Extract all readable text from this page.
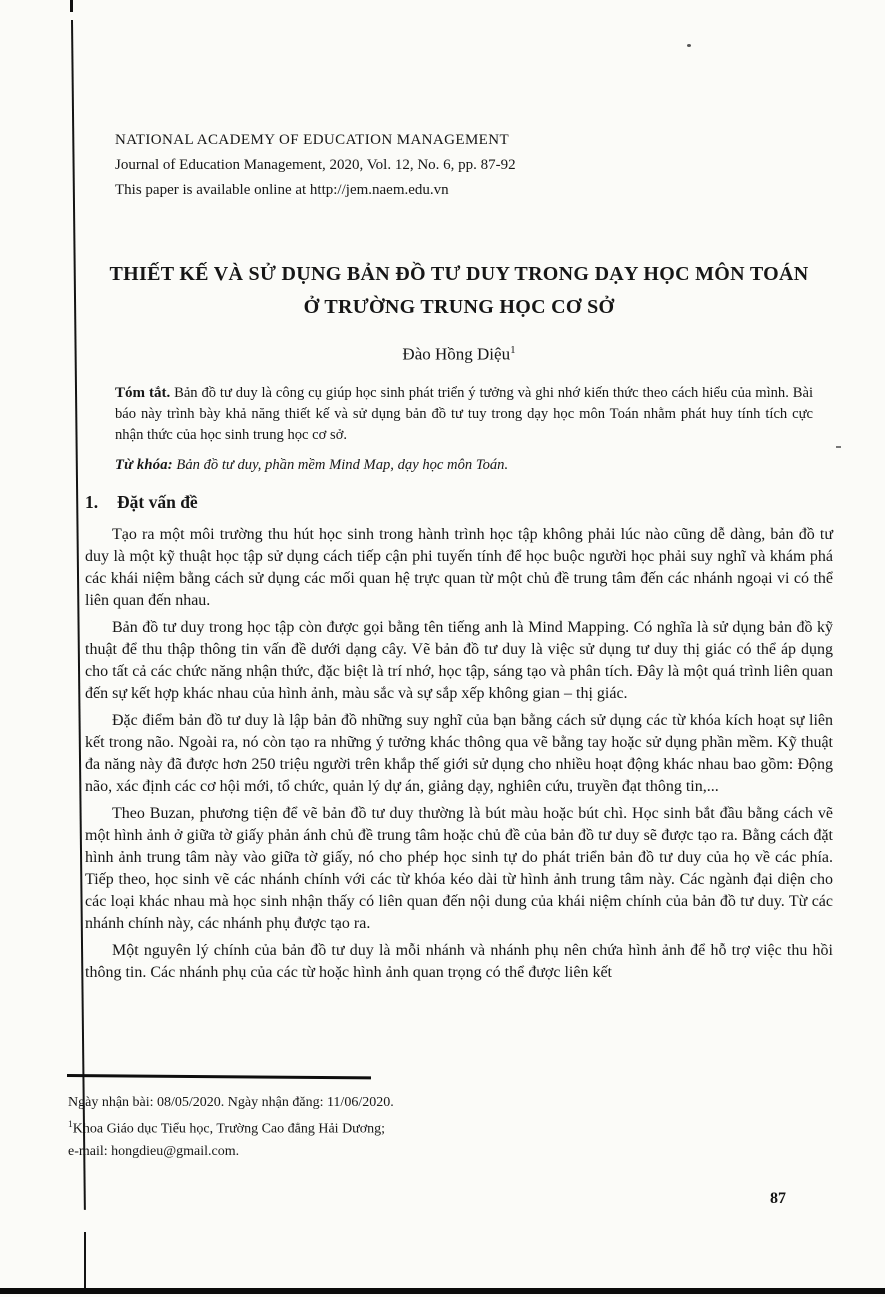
NATIONAL ACADEMY OF EDUCATION MANAGEMENT
Journal of Education Management, 2020, Vol. 12, No. 6, pp. 87-92
This paper is available online at http://jem.naem.edu.vn
THIẾT KẾ VÀ SỬ DỤNG BẢN ĐỒ TƯ DUY TRONG DẠY HỌC MÔN TOÁN
Ở TRƯỜNG TRUNG HỌC CƠ SỞ
Đào Hồng Diệu$^1$

Tóm tắt. Bản đồ tư duy là công cụ giúp học sinh phát triển ý tưởng và ghi nhớ kiến thức theo cách hiểu của mình. Bài báo này trình bày khả năng thiết kế và sử dụng bản đồ tư tuy trong dạy học môn Toán nhằm phát huy tính tích cực nhận thức của học sinh trung học cơ sở.

Từ khóa: Bản đồ tư duy, phần mềm Mind Map, dạy học môn Toán.

1. Đặt vấn đề

Tạo ra một môi trường thu hút học sinh trong hành trình học tập không phải lúc nào cũng dễ dàng, bản đồ tư duy là một kỹ thuật học tập sử dụng cách tiếp cận phi tuyến tính để học buộc người học phải suy nghĩ và khám phá các khái niệm bằng cách sử dụng các mối quan hệ trực quan từ một chủ đề trung tâm đến các nhánh ngoại vi có thể liên quan đến nhau.

Bản đồ tư duy trong học tập còn được gọi bằng tên tiếng anh là Mind Mapping. Có nghĩa là sử dụng bản đồ kỹ thuật để thu thập thông tin vấn đề dưới dạng cây. Vẽ bản đồ tư duy là việc sử dụng tư duy thị giác có thể áp dụng cho tất cả các chức năng nhận thức, đặc biệt là trí nhớ, học tập, sáng tạo và phân tích. Đây là một quá trình liên quan đến sự kết hợp khác nhau của hình ảnh, màu sắc và sự sắp xếp không gian – thị giác.

Đặc điểm bản đồ tư duy là lập bản đồ những suy nghĩ của bạn bằng cách sử dụng các từ khóa kích hoạt sự liên kết trong não. Ngoài ra, nó còn tạo ra những ý tưởng khác thông qua vẽ bằng tay hoặc sử dụng phần mềm. Kỹ thuật đa năng này đã được hơn 250 triệu người trên khắp thế giới sử dụng cho nhiều hoạt động khác nhau bao gồm: Động não, xác định các cơ hội mới, tổ chức, quản lý dự án, giảng dạy, nghiên cứu, truyền đạt thông tin,...

Theo Buzan, phương tiện để vẽ bản đồ tư duy thường là bút màu hoặc bút chì. Học sinh bắt đầu bằng cách vẽ một hình ảnh ở giữa tờ giấy phản ánh chủ đề trung tâm hoặc chủ đề của bản đồ tư duy sẽ được tạo ra. Bằng cách đặt hình ảnh trung tâm này vào giữa tờ giấy, nó cho phép học sinh tự do phát triển bản đồ tư duy của họ về các phía. Tiếp theo, học sinh vẽ các nhánh chính với các từ khóa kéo dài từ hình ảnh trung tâm này. Các ngành đại diện cho các loại khác nhau mà học sinh nhận thấy có liên quan đến nội dung của khái niệm chính của bản đồ tư duy. Từ các nhánh chính này, các nhánh phụ được tạo ra.

Một nguyên lý chính của bản đồ tư duy là mỗi nhánh và nhánh phụ nên chứa hình ảnh để hỗ trợ việc thu hồi thông tin. Các nhánh phụ của các từ hoặc hình ảnh quan trọng có thể được liên kết

Ngày nhận bài: 08/05/2020. Ngày nhận đăng: 11/06/2020.
$^1$Khoa Giáo dục Tiểu học, Trường Cao đẳng Hải Dương;
e-mail: hongdieu@gmail.com.
87
